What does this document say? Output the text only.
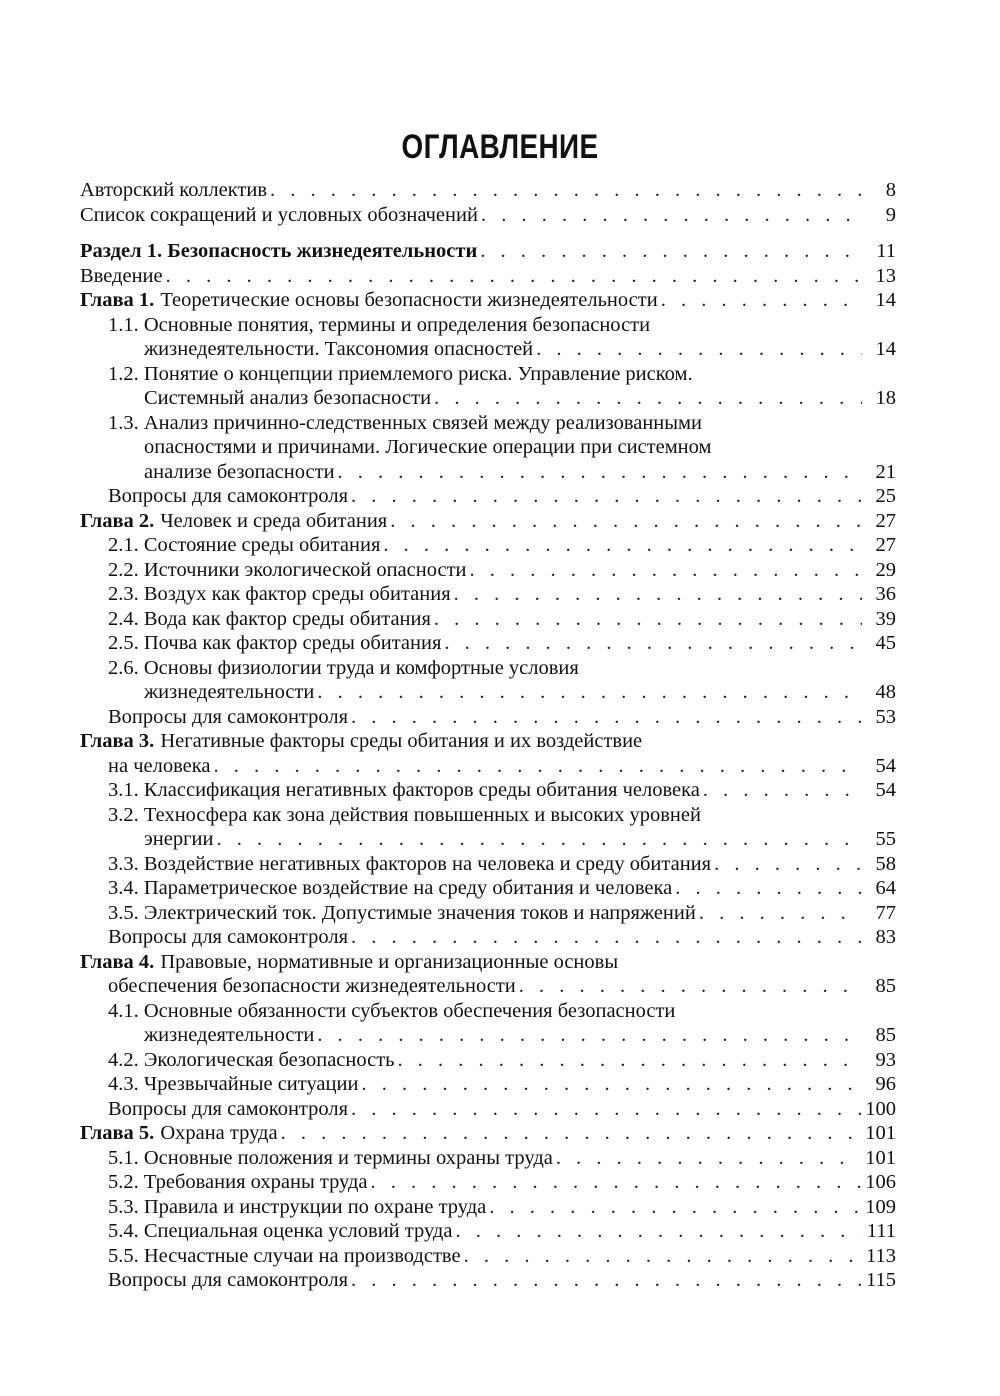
ОГЛАВЛЕНИЕ
Авторский коллектив . . .	8
Список сокращений и условных обозначений . . .	9
Раздел 1. Безопасность жизнедеятельности . . .	11
Введение . . .	13
Глава 1. Теоретические основы безопасности жизнедеятельности . . .	14
1.1. Основные понятия, термины и определения безопасности
жизнедеятельности. Таксономия опасностей . . .	14
1.2. Понятие о концепции приемлемого риска. Управление риском.
Системный анализ безопасности . . .	18
1.3. Анализ причинно-следственных связей между реализованными
опасностями и причинами. Логические операции при системном
анализе безопасности . . .	21
Вопросы для самоконтроля . . .	25
Глава 2. Человек и среда обитания . . .	27
2.1. Состояние среды обитания . . .	27
2.2. Источники экологической опасности . . .	29
2.3. Воздух как фактор среды обитания . . .	36
2.4. Вода как фактор среды обитания . . .	39
2.5. Почва как фактор среды обитания . . .	45
2.6. Основы физиологии труда и комфортные условия
жизнедеятельности . . .	48
Вопросы для самоконтроля . . .	53
Глава 3. Негативные факторы среды обитания и их воздействие
на человека . . .	54
3.1. Классификация негативных факторов среды обитания человека . . .	54
3.2. Техносфера как зона действия повышенных и высоких уровней
энергии . . .	55
3.3. Воздействие негативных факторов на человека и среду обитания . . .	58
3.4. Параметрическое воздействие на среду обитания и человека . . .	64
3.5. Электрический ток. Допустимые значения токов и напряжений . . .	77
Вопросы для самоконтроля . . .	83
Глава 4. Правовые, нормативные и организационные основы
обеспечения безопасности жизнедеятельности . . .	85
4.1. Основные обязанности субъектов обеспечения безопасности
жизнедеятельности . . .	85
4.2. Экологическая безопасность . . .	93
4.3. Чрезвычайные ситуации . . .	96
Вопросы для самоконтроля . . .	100
Глава 5. Охрана труда . . .	101
5.1. Основные положения и термины охраны труда . . .	101
5.2. Требования охраны труда . . .	106
5.3. Правила и инструкции по охране труда . . .	109
5.4. Специальная оценка условий труда . . .	111
5.5. Несчастные случаи на производстве . . .	113
Вопросы для самоконтроля . . .	115
